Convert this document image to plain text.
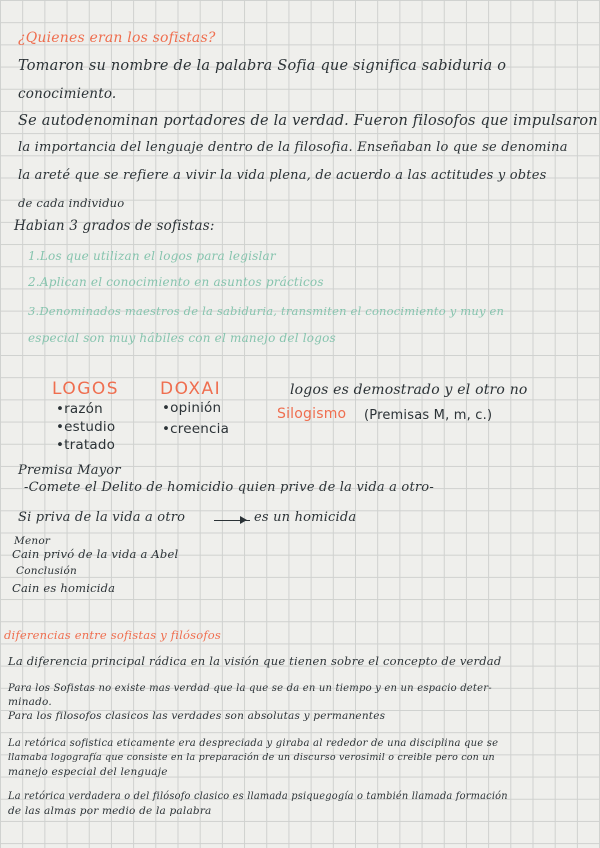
¿Quienes eran los sofistas?
Tomaron su nombre de la palabra Sofia que significa sabiduria o
conocimiento.
Se autodenominan portadores de la verdad. Fueron filosofos que impulsaron
la importancia del lenguaje dentro de la filosofia. Enseñaban lo que se denomina
la areté que se refiere a vivir la vida plena, de acuerdo a las actitudes y obtes
de cada individuo
Habian 3 grados de sofistas:
1.Los que utilizan el logos para legislar
2.Aplican el conocimiento en asuntos prácticos
3.Denominados maestros de la sabiduria, transmiten el conocimiento y muy en
especial son muy hábiles con el manejo del logos
LOGOS
•razón
•estudio
•tratado
DOXAI
•opinión
•creencia
logos es demostrado y el otro no
Silogismo (Premisas M, m, c.)
Premisa Mayor
-Comete el Delito de homicidio quien prive de la vida a otro-
Si priva de la vida a otro	es un homicida
Menor
Cain privó de la vida a Abel
Conclusión
Cain es homicida
diferencias entre sofistas y filósofos
La diferencia principal rádica en la visión que tienen sobre el concepto de verdad
Para los Sofistas no existe mas verdad que la que se da en un tiempo y en un espacio deter-
minado.
Para los filosofos clasicos las verdades son absolutas y permanentes
La retórica sofistica eticamente era despreciada y giraba al rededor de una disciplina que se
llamaba logografía que consiste en la preparación de un discurso verosimil o creible pero con un
manejo especial del lenguaje
La retórica verdadera o del filósofo clasico es llamada psiquegogía o también llamada formación
de las almas por medio de la palabra
